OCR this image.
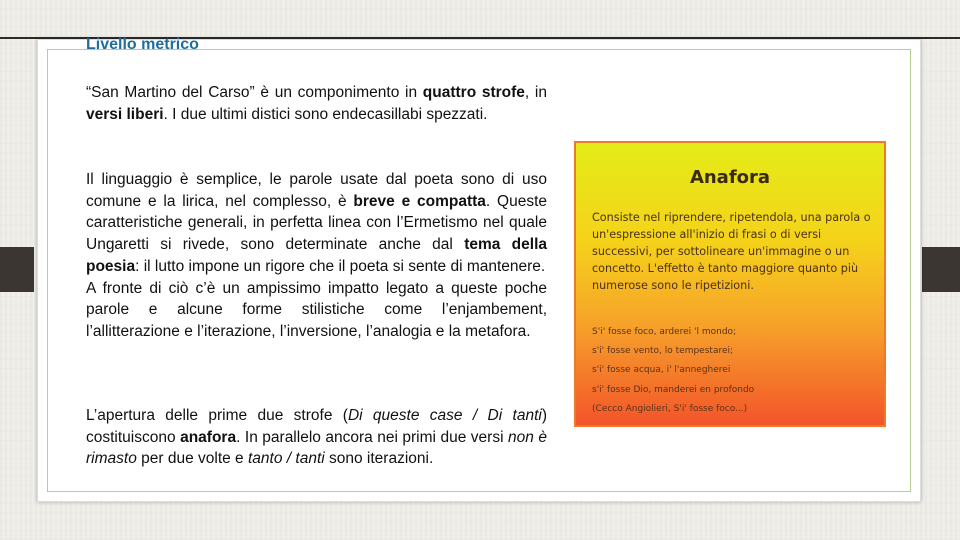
Livello metrico

“San Martino del Carso” è un componimento in quattro strofe, in versi liberi. I due ultimi distici sono endecasillabi spezzati.

Il linguaggio è semplice, le parole usate dal poeta sono di uso comune e la lirica, nel complesso, è breve e compatta. Queste caratteristiche generali, in perfetta linea con l’Ermetismo nel quale Ungaretti si rivede, sono determinate anche dal tema della poesia: il lutto impone un rigore che il poeta si sente di mantenere.
A fronte di ciò c’è un ampissimo impatto legato a queste poche parole e alcune forme stilistiche come l’enjambement, l’allitterazione e l’iterazione, l’inversione, l’analogia e la metafora.

L’apertura delle prime due strofe (Di queste case / Di tanti) costituiscono anafora. In parallelo ancora nei primi due versi non è rimasto per due volte e tanto / tanti sono iterazioni.

Anafora

Consiste nel riprendere, ripetendola, una parola o un'espressione all'inizio di frasi o di versi successivi, per sottolineare un'immagine o un concetto. L'effetto è tanto maggiore quanto più numerose sono le ripetizioni.

S'i' fosse foco, arderei 'l mondo;
s'i' fosse vento, lo tempestarei;
s'i' fosse acqua, i' l'annegherei
s'i' fosse Dio, manderei en profondo
(Cecco Angiolieri, S'i' fosse foco...)
